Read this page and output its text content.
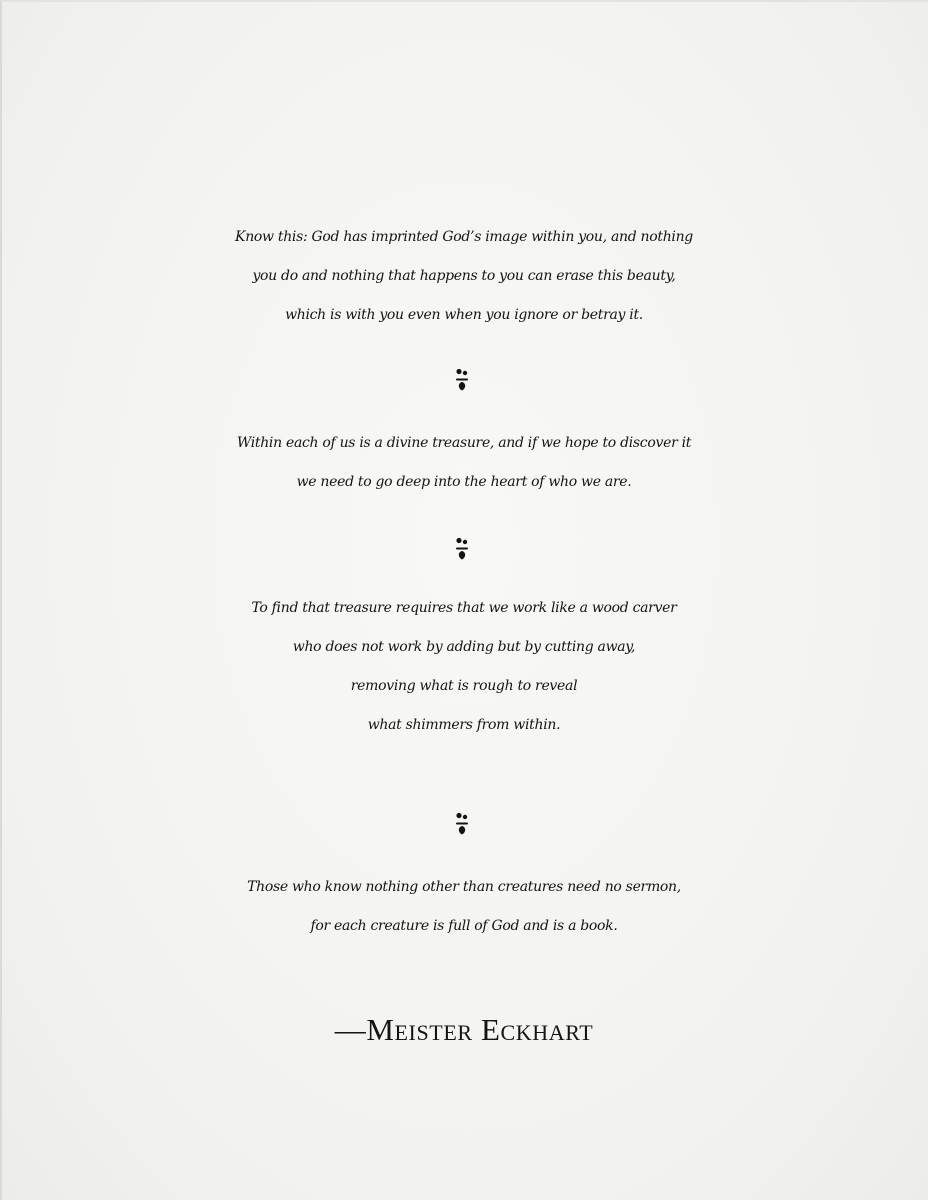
Know this: God has imprinted God’s image within you, and nothing
you do and nothing that happens to you can erase this beauty,
which is with you even when you ignore or betray it.
Within each of us is a divine treasure, and if we hope to discover it
we need to go deep into the heart of who we are.
To find that treasure requires that we work like a wood carver
who does not work by adding but by cutting away,
removing what is rough to reveal
what shimmers from within.
Those who know nothing other than creatures need no sermon,
for each creature is full of God and is a book.
—Meister Eckhart
